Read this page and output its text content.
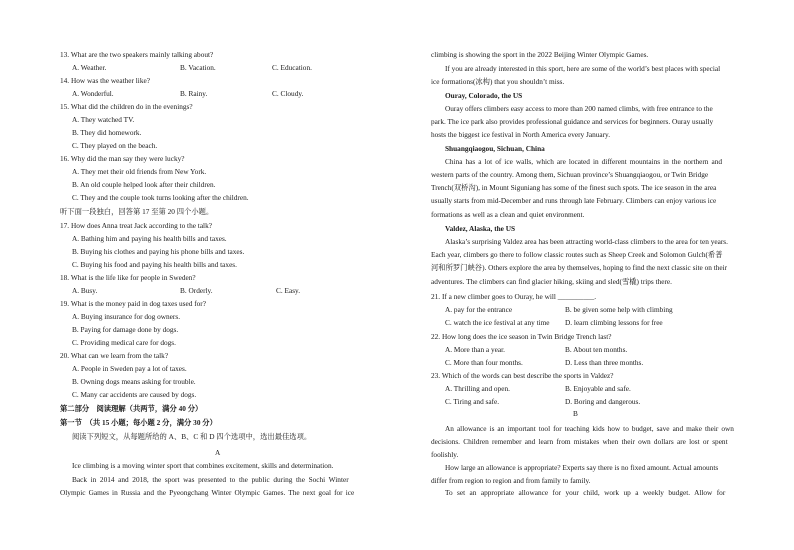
13. What are the two speakers mainly talking about?
A. Weather.	B. Vacation.	C. Education.
14. How was the weather like?
A. Wonderful.	B. Rainy.	C. Cloudy.
15. What did the children do in the evenings?
A. They watched TV.
B. They did homework.
C. They played on the beach.
16. Why did the man say they were lucky?
A. They met their old friends from New York.
B. An old couple helped look after their children.
C. They and the couple took turns looking after the children.
听下面一段独白，回答第 17 至第 20 四个小题。
17. How does Anna treat Jack according to the talk?
A. Bathing him and paying his health bills and taxes.
B. Buying his clothes and paying his phone bills and taxes.
C. Buying his food and paying his health bills and taxes.
18. What is the life like for people in Sweden?
A. Busy.	B. Orderly.	C. Easy.
19. What is the money paid in dog taxes used for?
A. Buying insurance for dog owners.
B. Paying for damage done by dogs.
C. Providing medical care for dogs.
20. What can we learn from the talk?
A. People in Sweden pay a lot of taxes.
B. Owning dogs means asking for trouble.
C. Many car accidents are caused by dogs.
第二部分　阅读理解（共两节，满分 40 分）
第一节　（共 15 小题；每小题 2 分，满分 30 分）
阅读下列短文，从每题所给的 A、B、C 和 D 四个选项中，选出最佳选项。
A
Ice climbing is a moving winter sport that combines excitement, skills and determination.
Back in 2014 and 2018, the sport was presented to the public during the Sochi Winter
Olympic Games in Russia and the Pyeongchang Winter Olympic Games. The next goal for ice
climbing is showing the sport in the 2022 Beijing Winter Olympic Games.
If you are already interested in this sport, here are some of the world’s best places with special
ice formations(冰构) that you shouldn’t miss.
Ouray, Colorado, the US
Ouray offers climbers easy access to more than 200 named climbs, with free entrance to the
park. The ice park also provides professional guidance and services for beginners. Ouray usually
hosts the biggest ice festival in North America every January.
Shuangqiaogou, Sichuan, China
China has a lot of ice walls, which are located in different mountains in the northern and
western parts of the country. Among them, Sichuan province’s Shuangqiaogou, or Twin Bridge
Trench(双桥沟), in Mount Siguniang has some of the finest such spots. The ice season in the area
usually starts from mid-December and runs through late February. Climbers can enjoy various ice
formations as well as a clean and quiet environment.
Valdez, Alaska, the US
Alaska’s surprising Valdez area has been attracting world-class climbers to the area for ten years.
Each year, climbers go there to follow classic routes such as Sheep Creek and Solomon Gulch(希普
河和所罗门峡谷). Others explore the area by themselves, hoping to find the next classic site on their
adventures. The climbers can find glacier hiking, skiing and sled(雪橇) trips there.
21. If a new climber goes to Ouray, he will __________.
A. pay for the entrance	B. be given some help with climbing
C. watch the ice festival at any time D. learn climbing lessons for free
22. How long does the ice season in Twin Bridge Trench last?
A. More than a year.	B. About ten months.
C. More than four months.	D. Less than three months.
23. Which of the words can best describe the sports in Valdez?
A. Thrilling and open.	B. Enjoyable and safe.
C. Tiring and safe.	D. Boring and dangerous.
B
An allowance is an important tool for teaching kids how to budget, save and make their own
decisions. Children remember and learn from mistakes when their own dollars are lost or spent
foolishly.
How large an allowance is appropriate? Experts say there is no fixed amount. Actual amounts
differ from region to region and from family to family.
To set an appropriate allowance for your child, work up a weekly budget. Allow for
